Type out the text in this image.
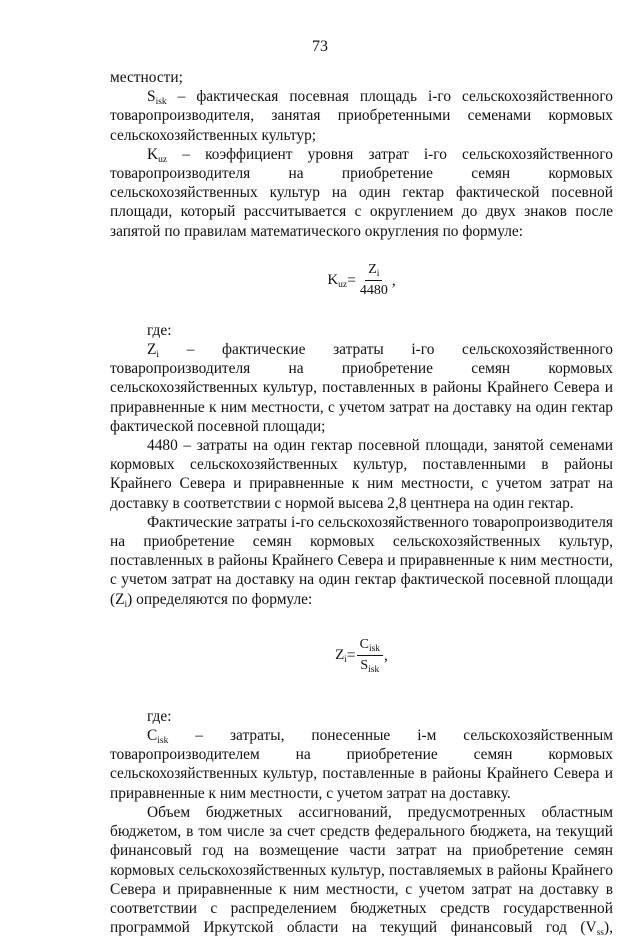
73

местности;

$S_{isk}$ – фактическая посевная площадь i-го сельскохозяйственного товаропроизводителя, занятая приобретенными семенами кормовых сельскохозяйственных культур;

$K_{uz}$ – коэффициент уровня затрат i-го сельскохозяйственного товаропроизводителя на приобретение семян кормовых сельскохозяйственных культур на один гектар фактической посевной площади, который рассчитывается с округлением до двух знаков после запятой по правилам математического округления по формуле:

$K_{uz} = \frac{Z_i}{4480}$ ,

где:

$Z_i$ – фактические затраты i-го сельскохозяйственного товаропроизводителя на приобретение семян кормовых сельскохозяйственных культур, поставленных в районы Крайнего Севера и приравненные к ним местности, с учетом затрат на доставку на один гектар фактической посевной площади;

4480 – затраты на один гектар посевной площади, занятой семенами кормовых сельскохозяйственных культур, поставленными в районы Крайнего Севера и приравненные к ним местности, с учетом затрат на доставку в соответствии с нормой высева 2,8 центнера на один гектар.

Фактические затраты i-го сельскохозяйственного товаропроизводителя на приобретение семян кормовых сельскохозяйственных культур, поставленных в районы Крайнего Севера и приравненные к ним местности, с учетом затрат на доставку на один гектар фактической посевной площади $(Z_i)$ определяются по формуле:

$Z_i = \frac{C_{isk}}{S_{isk}}$ ,

где:

$C_{isk}$ – затраты, понесенные i-м сельскохозяйственным товаропроизводителем на приобретение семян кормовых сельскохозяйственных культур, поставленные в районы Крайнего Севера и приравненные к ним местности, с учетом затрат на доставку.

Объем бюджетных ассигнований, предусмотренных областным бюджетом, в том числе за счет средств федерального бюджета, на текущий финансовый год на возмещение части затрат на приобретение семян кормовых сельскохозяйственных культур, поставляемых в районы Крайнего Севера и приравненные к ним местности, с учетом затрат на доставку в соответствии с распределением бюджетных средств государственной программой Иркутской области на текущий финансовый год $(V_{ss})$,
